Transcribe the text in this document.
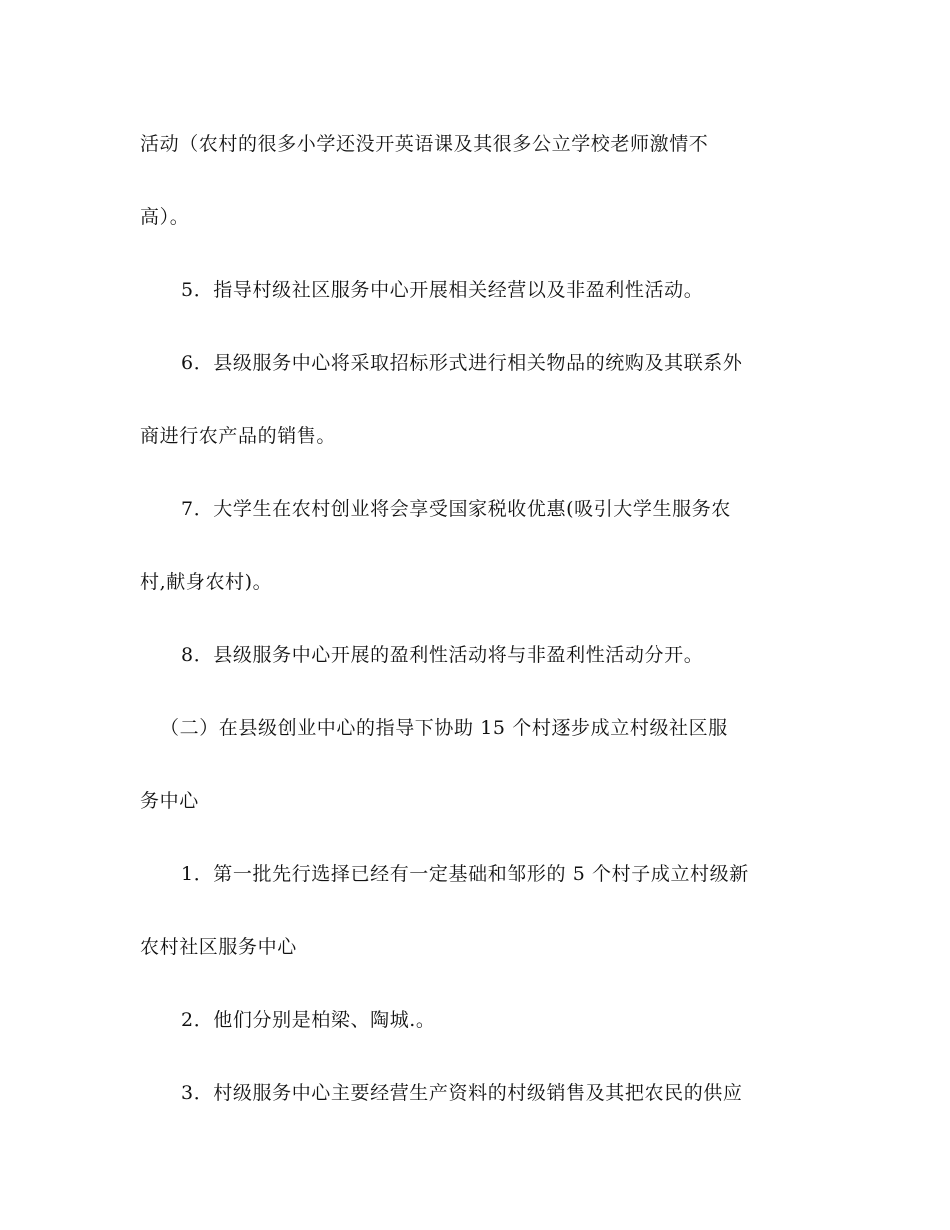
活动（农村的很多小学还没开英语课及其很多公立学校老师激情不
高）。
5．指导村级社区服务中心开展相关经营以及非盈利性活动。
6．县级服务中心将采取招标形式进行相关物品的统购及其联系外
商进行农产品的销售。
7．大学生在农村创业将会享受国家税收优惠(吸引大学生服务农
村,献身农村)。
8．县级服务中心开展的盈利性活动将与非盈利性活动分开。
（二）在县级创业中心的指导下协助 15 个村逐步成立村级社区服
务中心
1．第一批先行选择已经有一定基础和邹形的 5 个村子成立村级新
农村社区服务中心
2．他们分别是柏梁、陶城.。
3．村级服务中心主要经营生产资料的村级销售及其把农民的供应
